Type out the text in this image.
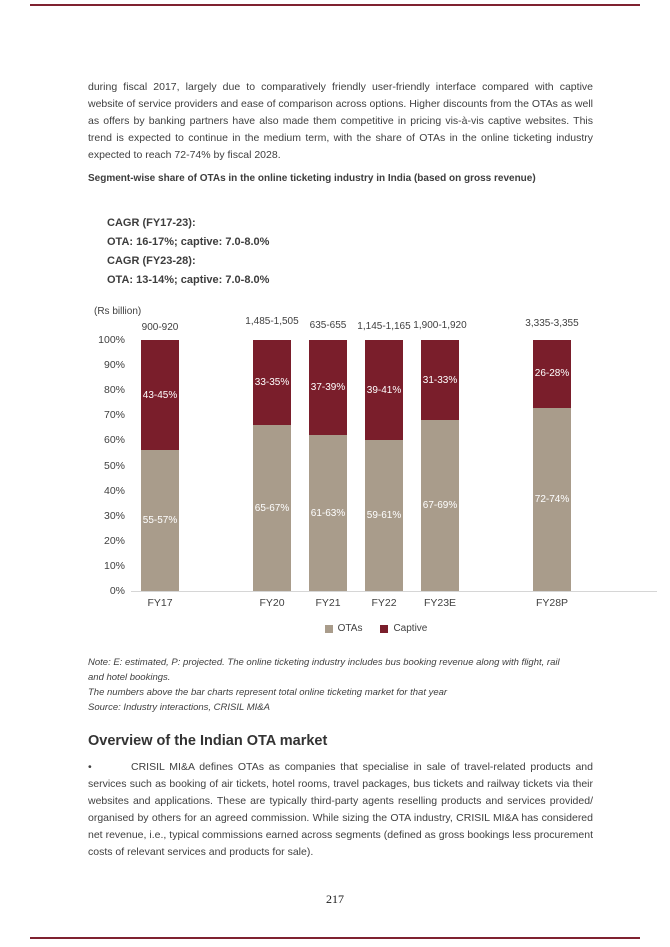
during fiscal 2017, largely due to comparatively friendly user-friendly interface compared with captive website of service providers and ease of comparison across options. Higher discounts from the OTAs as well as offers by banking partners have also made them competitive in pricing vis-à-vis captive websites. This trend is expected to continue in the medium term, with the share of OTAs in the online ticketing industry expected to reach 72-74% by fiscal 2028.
Segment-wise share of OTAs in the online ticketing industry in India (based on gross revenue)
CAGR (FY17-23):
OTA: 16-17%; captive: 7.0-8.0%
CAGR (FY23-28):
OTA: 13-14%; captive: 7.0-8.0%
(Rs billion)
0%
10%
20%
30%
40%
50%
60%
70%
80%
90%
100%
43-45%
55-57%
900-920
FY17
33-35%
65-67%
1,485-1,505
FY20
37-39%
61-63%
635-655
FY21
39-41%
59-61%
1,145-1,165
FY22
31-33%
67-69%
1,900-1,920
FY23E
26-28%
72-74%
3,335-3,355
FY28P
OTAs	Captive
Note: E: estimated, P: projected. The online ticketing industry includes bus booking revenue along with flight, rail
and hotel bookings.
The numbers above the bar charts represent total online ticketing market for that year
Source: Industry interactions, CRISIL MI&A
Overview of the Indian OTA market
•	CRISIL MI&A defines OTAs as companies that specialise in sale of travel-related products and services such as booking of air tickets, hotel rooms, travel packages, bus tickets and railway tickets via their websites and applications. These are typically third-party agents reselling products and services provided/ organised by others for an agreed commission. While sizing the OTA industry, CRISIL MI&A has considered net revenue, i.e., typical commissions earned across segments (defined as gross bookings less procurement costs of relevant services and products for sale).
217
